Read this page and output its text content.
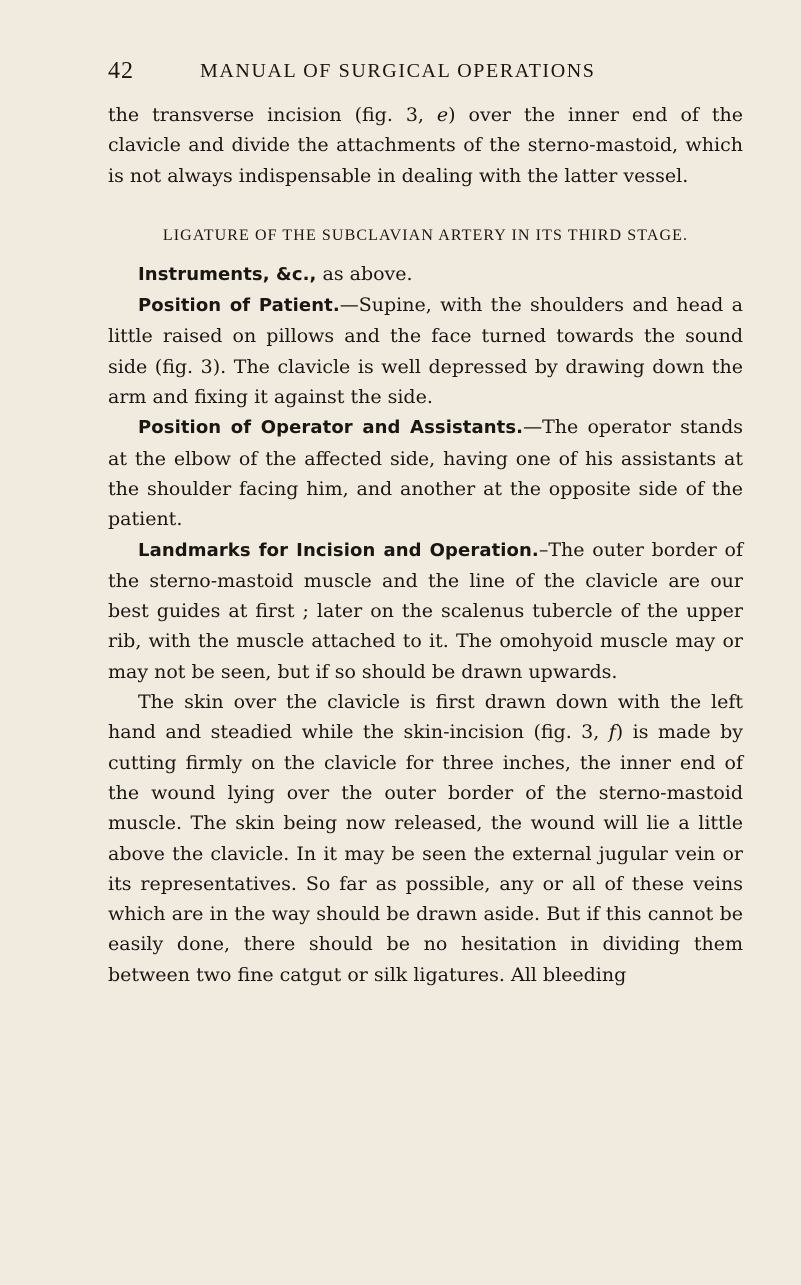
42	MANUAL OF SURGICAL OPERATIONS

the transverse incision (fig. 3, e) over the inner end of the clavicle and divide the attachments of the sterno-mastoid, which is not always indispensable in dealing with the latter vessel.

LIGATURE OF THE SUBCLAVIAN ARTERY IN ITS THIRD STAGE.

Instruments, &c., as above.

Position of Patient.—Supine, with the shoulders and head a little raised on pillows and the face turned towards the sound side (fig. 3). The clavicle is well depressed by drawing down the arm and fixing it against the side.

Position of Operator and Assistants.—The operator stands at the elbow of the affected side, having one of his assistants at the shoulder facing him, and another at the opposite side of the patient.

Landmarks for Incision and Operation.–The outer border of the sterno-mastoid muscle and the line of the clavicle are our best guides at first ; later on the scalenus tubercle of the upper rib, with the muscle attached to it. The omohyoid muscle may or may not be seen, but if so should be drawn upwards.

The skin over the clavicle is first drawn down with the left hand and steadied while the skin-incision (fig. 3, f) is made by cutting firmly on the clavicle for three inches, the inner end of the wound lying over the outer border of the sterno-mastoid muscle. The skin being now released, the wound will lie a little above the clavicle. In it may be seen the external jugular vein or its representatives. So far as possible, any or all of these veins which are in the way should be drawn aside. But if this cannot be easily done, there should be no hesitation in dividing them between two fine catgut or silk ligatures. All bleeding
